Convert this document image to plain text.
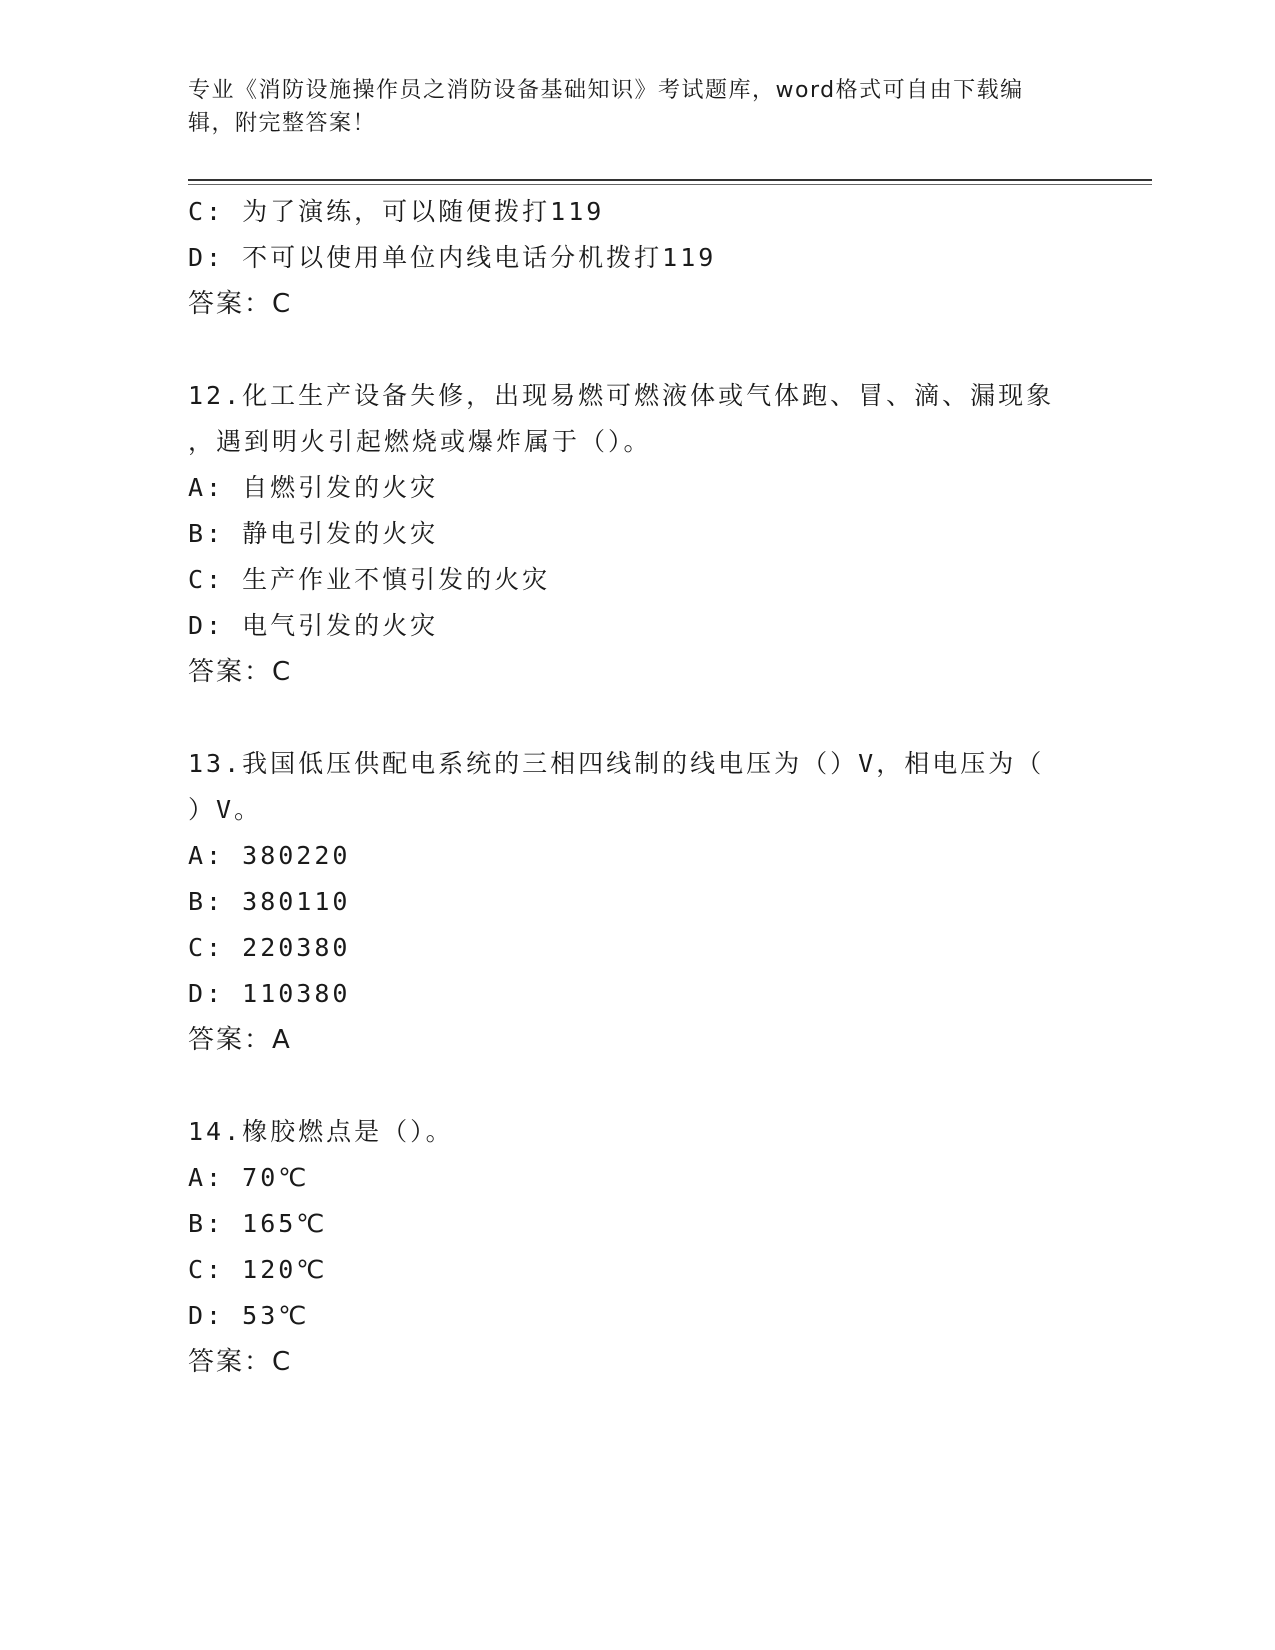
专业《消防设施操作员之消防设备基础知识》考试题库，word格式可自由下载编
辑，附完整答案！
C: 为了演练，可以随便拨打119
D: 不可以使用单位内线电话分机拨打119
答案：C
12.化工生产设备失修，出现易燃可燃液体或气体跑、冒、滴、漏现象
，遇到明火引起燃烧或爆炸属于（）。
A: 自燃引发的火灾
B: 静电引发的火灾
C: 生产作业不慎引发的火灾
D: 电气引发的火灾
答案：C
13.我国低压供配电系统的三相四线制的线电压为（）V，相电压为（
）V。
A: 380220
B: 380110
C: 220380
D: 110380
答案：A
14.橡胶燃点是（）。
A: 70℃
B: 165℃
C: 120℃
D: 53℃
答案：C
